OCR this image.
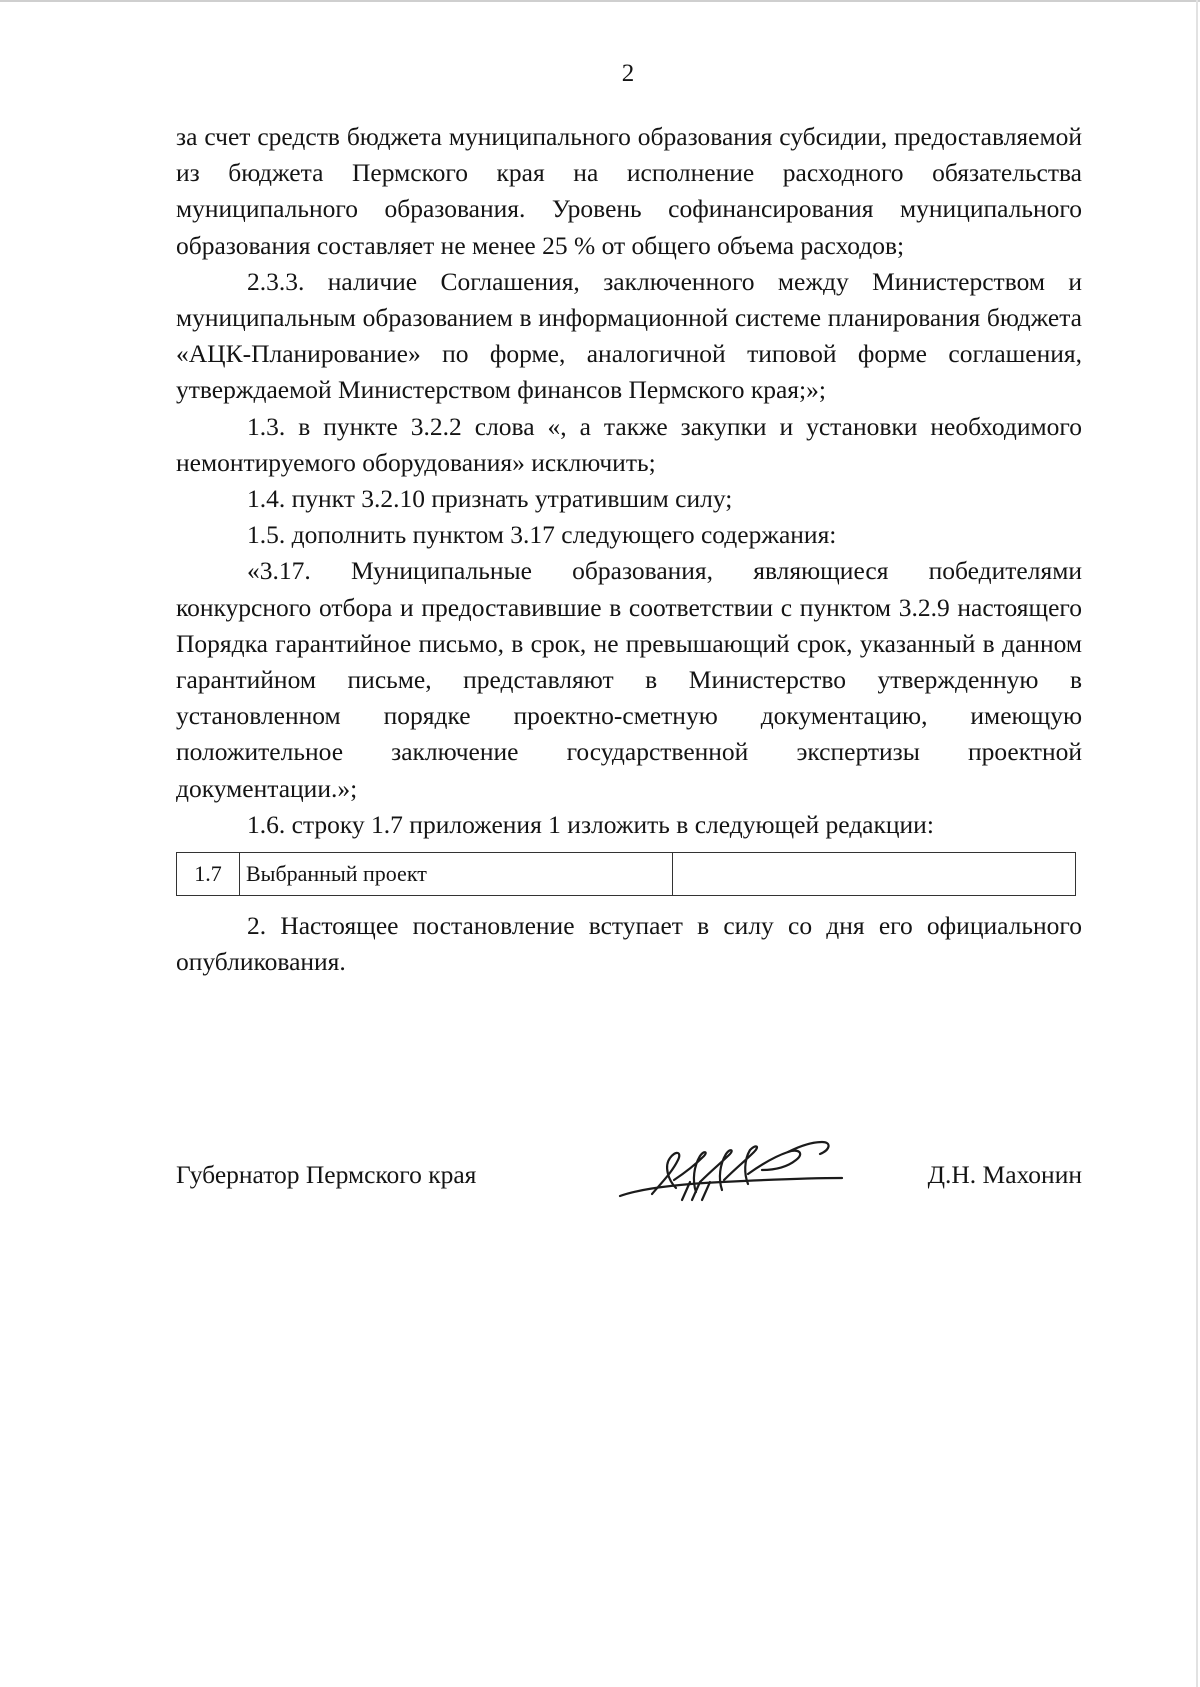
2

за счет средств бюджета муниципального образования субсидии, предоставляемой из бюджета Пермского края на исполнение расходного обязательства муниципального образования. Уровень софинансирования муниципального образования составляет не менее 25 % от общего объема расходов;

2.3.3. наличие Соглашения, заключенного между Министерством и муниципальным образованием в информационной системе планирования бюджета «АЦК-Планирование» по форме, аналогичной типовой форме соглашения, утверждаемой Министерством финансов Пермского края;»;

1.3. в пункте 3.2.2 слова «, а также закупки и установки необходимого немонтируемого оборудования» исключить;

1.4. пункт 3.2.10 признать утратившим силу;

1.5. дополнить пунктом 3.17 следующего содержания:

«3.17. Муниципальные образования, являющиеся победителями конкурсного отбора и предоставившие в соответствии с пунктом 3.2.9 настоящего Порядка гарантийное письмо, в срок, не превышающий срок, указанный в данном гарантийном письме, представляют в Министерство утвержденную в установленном порядке проектно-сметную документацию, имеющую положительное заключение государственной экспертизы проектной документации.»;

1.6. строку 1.7 приложения 1 изложить в следующей редакции:

1.7	Выбранный проект	

2. Настоящее постановление вступает в силу со дня его официального опубликования.

Губернатор Пермского края	Д.Н. Махонин
